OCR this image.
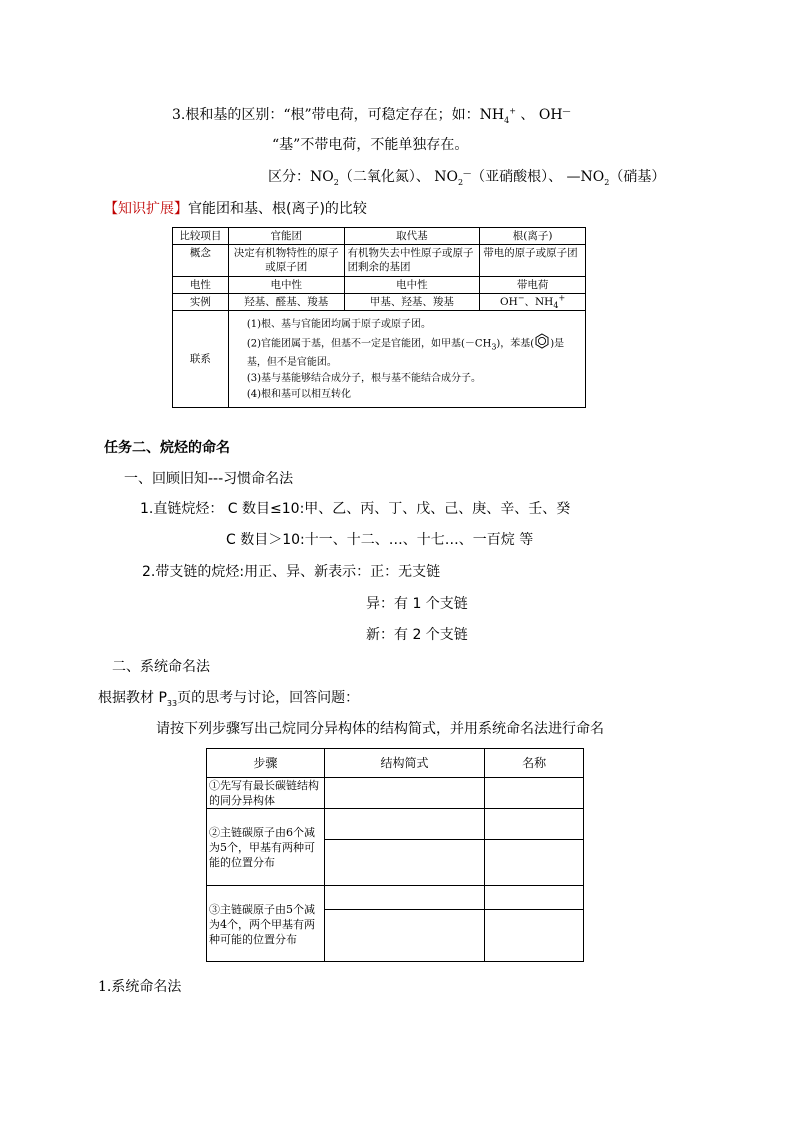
3.根和基的区别：“根”带电荷，可稳定存在；如：$NH_4^+$ 、 OH—
“基”不带电荷，不能单独存在。
区分：$NO_2$（二氧化氮）、 $NO_2^—$（亚硝酸根）、 $—NO_2$（硝基）
【知识扩展】官能团和基、根(离子)的比较
比较项目	官能团	取代基	根(离子)
概念	决定有机物特性的原子或原子团	有机物失去中性原子或原子团剩余的基团	带电的原子或原子团
电性	电中性	电中性	带电荷
实例	羟基、醛基、羧基	甲基、羟基、羧基	OH−、$NH_4^+$
联系	(1)根、基与官能团均属于原子或原子团。
(2)官能团属于基，但基不一定是官能团，如甲基$(-CH_3)$，苯基( )是
基，但不是官能团。
(3)基与基能够结合成分子，根与基不能结合成分子。
(4)根和基可以相互转化		
任务二、烷烃的命名
一、回顾旧知---习惯命名法
1.直链烷烃： C 数目≤10:甲、乙、丙、丁、戊、己、庚、辛、壬、癸
C 数目＞10:十一、十二、…、十七…、一百烷 等
2.带支链的烷烃:用正、异、新表示：正：无支链
异：有 1 个支链
新：有 2 个支链
二、系统命名法
根据教材 $P_{33}$页的思考与讨论，回答问题：
请按下列步骤写出己烷同分异构体的结构简式，并用系统命名法进行命名
步骤	结构简式	名称
①先写有最长碳链结构的同分异构体		
②主链碳原子由6个减为5个，甲基有两种可能的位置分布		

③主链碳原子由5个减为4个，两个甲基有两种可能的位置分布		

1.系统命名法
